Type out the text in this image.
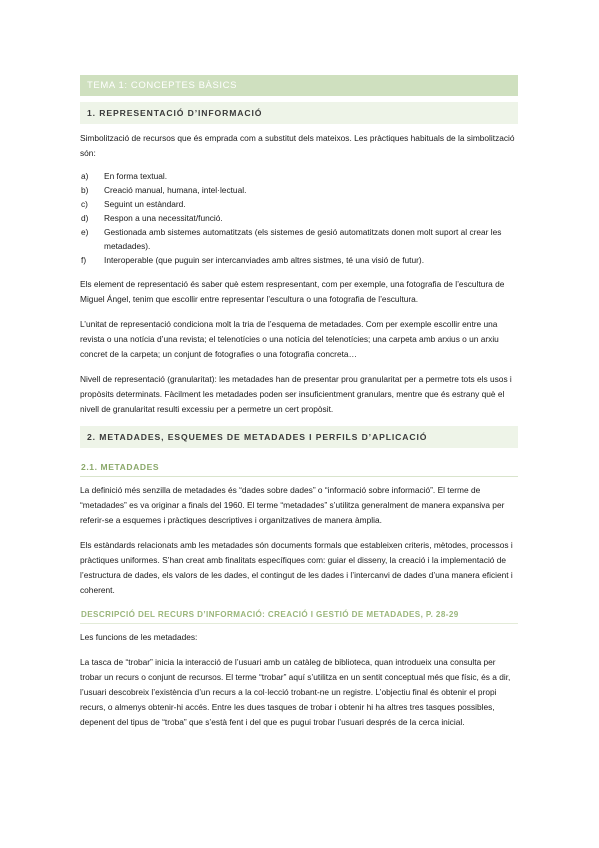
TEMA 1: CONCEPTES BÀSICS
1. REPRESENTACIÓ D’INFORMACIÓ

Simbolització de recursos que és emprada com a substitut dels mateixos. Les pràctiques habituals de la simbolització són:

a)	En forma textual.
b)	Creació manual, humana, intel·lectual.
c)	Seguint un estàndard.
d)	Respon a una necessitat/funció.
e)	Gestionada amb sistemes automatitzats (els sistemes de gesió automatitzats donen molt suport al crear les metadades).
f)	Interoperable (que puguin ser intercanviades amb altres sistmes, té una visió de futur).

Els element de representació és saber què estem respresentant, com per exemple, una fotografia de l’escultura de Miguel Ángel, tenim que escollir entre representar l’escultura o una fotografia de l’escultura.

L’unitat de representació condiciona molt la tria de l’esquema de metadades. Com per exemple escollir entre una revista o una notícia d’una revista; el telenotícies o una notícia del telenotícies; una carpeta amb arxius o un arxiu concret de la carpeta; un conjunt de fotografies o una fotografia concreta…

Nivell de representació (granularitat): les metadades han de presentar prou granularitat per a permetre tots els usos i propòsits determinats. Fàcilment les metadades poden ser insuficientment granulars, mentre que és estrany què el nivell de granularitat resulti excessiu per a permetre un cert propòsit.

2. METADADES, ESQUEMES DE METADADES I PERFILS D’APLICACIÓ
2.1. METADADES

La definició més senzilla de metadades és “dades sobre dades” o “informació sobre informació”. El terme de “metadades” es va originar a finals del 1960. El terme “metadades” s’utilitza generalment de manera expansiva per referir-se a esquemes i pràctiques descriptives i organitzatives de manera àmplia.

Els estàndards relacionats amb les metadades són documents formals que estableixen criteris, mètodes, processos i pràctiques uniformes. S’han creat amb finalitats específiques com: guiar el disseny, la creació i la implementació de l’estructura de dades, els valors de les dades, el contingut de les dades i l’intercanvi de dades d’una manera eficient i coherent.

DESCRIPCIÓ DEL RECURS D’INFORMACIÓ: CREACIÓ I GESTIÓ DE METADADES, P. 28-29

Les funcions de les metadades:

La tasca de “trobar” inicia la interacció de l’usuari amb un catàleg de biblioteca, quan introdueix una consulta per trobar un recurs o conjunt de recursos. El terme “trobar” aquí s’utilitza en un sentit conceptual més que físic, és a dir, l’usuari descobreix l’existència d’un recurs a la col·lecció trobant-ne un registre. L’objectiu final és obtenir el propi recurs, o almenys obtenir-hi accés. Entre les dues tasques de trobar i obtenir hi ha altres tres tasques possibles, depenent del tipus de “troba” que s’està fent i del que es pugui trobar l’usuari després de la cerca inicial.
